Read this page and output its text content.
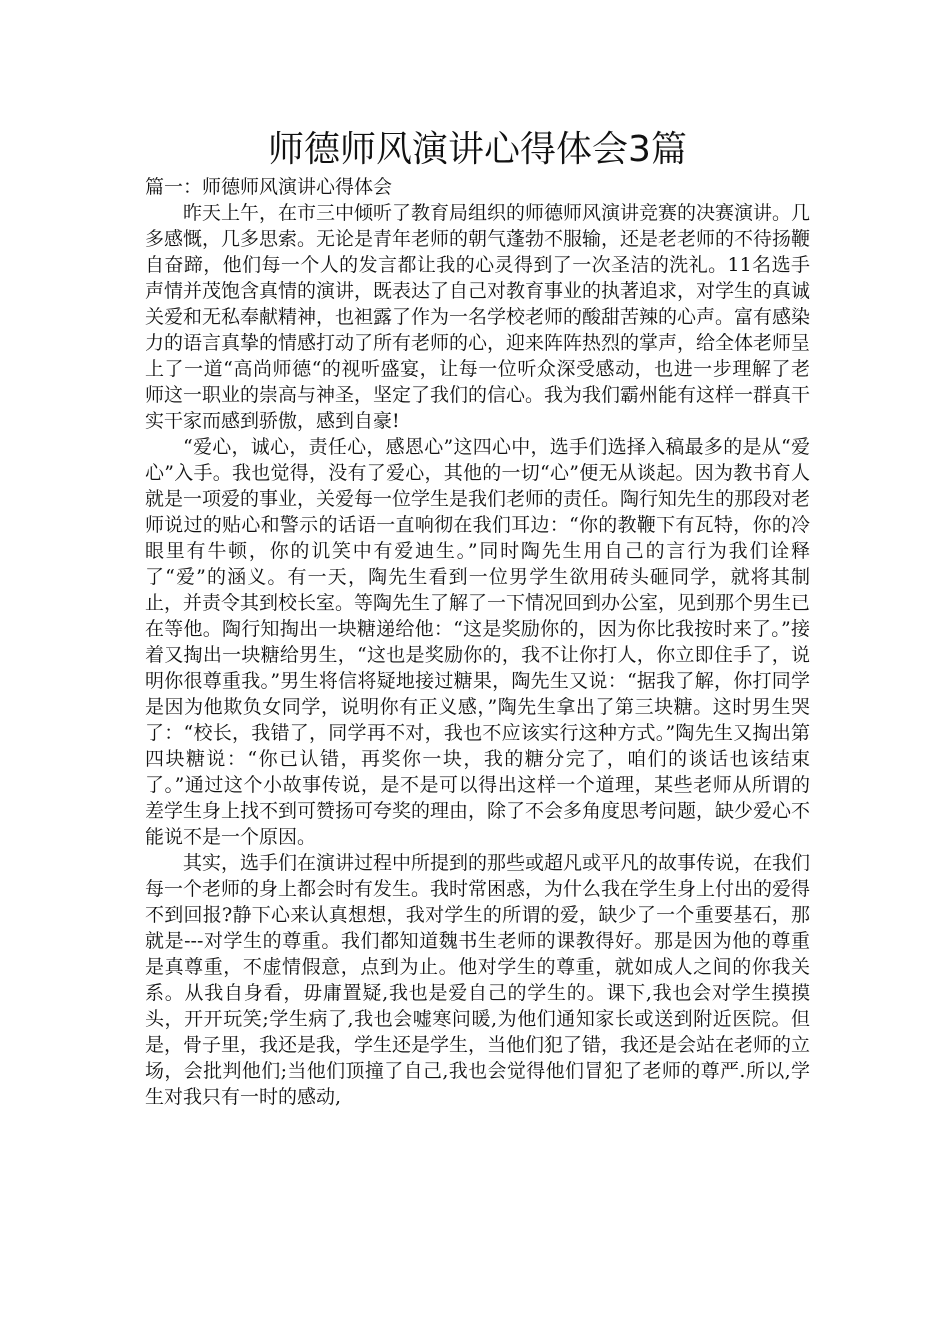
师德师风演讲心得体会3篇

篇一：师德师风演讲心得体会

昨天上午，在市三中倾听了教育局组织的师德师风演讲竞赛的决赛演讲。几多感慨，几多思索。无论是青年老师的朝气蓬勃不服输，还是老老师的不待扬鞭自奋蹄，他们每一个人的发言都让我的心灵得到了一次圣洁的洗礼。11名选手声情并茂饱含真情的演讲，既表达了自己对教育事业的执著追求，对学生的真诚关爱和无私奉献精神，也袒露了作为一名学校老师的酸甜苦辣的心声。富有感染力的语言真挚的情感打动了所有老师的心，迎来阵阵热烈的掌声，给全体老师呈上了一道“高尚师德“的视听盛宴，让每一位听众深受感动，也进一步理解了老师这一职业的崇高与神圣，坚定了我们的信心。我为我们霸州能有这样一群真干实干家而感到骄傲，感到自豪!

“爱心，诚心，责任心，感恩心”这四心中，选手们选择入稿最多的是从“爱心”入手。我也觉得，没有了爱心，其他的一切“心”便无从谈起。因为教书育人就是一项爱的事业，关爱每一位学生是我们老师的责任。陶行知先生的那段对老师说过的贴心和警示的话语一直响彻在我们耳边：“你的教鞭下有瓦特，你的冷眼里有牛顿，你的讥笑中有爱迪生。”同时陶先生用自己的言行为我们诠释了“爱”的涵义。有一天，陶先生看到一位男学生欲用砖头砸同学，就将其制止，并责令其到校长室。等陶先生了解了一下情况回到办公室，见到那个男生已在等他。陶行知掏出一块糖递给他：“这是奖励你的，因为你比我按时来了。”接着又掏出一块糖给男生，“这也是奖励你的，我不让你打人，你立即住手了，说明你很尊重我。”男生将信将疑地接过糖果，陶先生又说：“据我了解，你打同学是因为他欺负女同学，说明你有正义感，”陶先生拿出了第三块糖。这时男生哭了：“校长，我错了，同学再不对，我也不应该实行这种方式。”陶先生又掏出第四块糖说：“你已认错，再奖你一块，我的糖分完了，咱们的谈话也该结束了。”通过这个小故事传说，是不是可以得出这样一个道理，某些老师从所谓的差学生身上找不到可赞扬可夸奖的理由，除了不会多角度思考问题，缺少爱心不能说不是一个原因。

其实，选手们在演讲过程中所提到的那些或超凡或平凡的故事传说，在我们每一个老师的身上都会时有发生。我时常困惑，为什么我在学生身上付出的爱得不到回报?静下心来认真想想，我对学生的所谓的爱，缺少了一个重要基石，那就是---对学生的尊重。我们都知道魏书生老师的课教得好。那是因为他的尊重是真尊重，不虚情假意，点到为止。他对学生的尊重，就如成人之间的你我关系。从我自身看，毋庸置疑,我也是爱自己的学生的。课下,我也会对学生摸摸头，开开玩笑;学生病了,我也会嘘寒问暖,为他们通知家长或送到附近医院。但是，骨子里，我还是我，学生还是学生，当他们犯了错，我还是会站在老师的立场，会批判他们;当他们顶撞了自己,我也会觉得他们冒犯了老师的尊严.所以,学生对我只有一时的感动,
